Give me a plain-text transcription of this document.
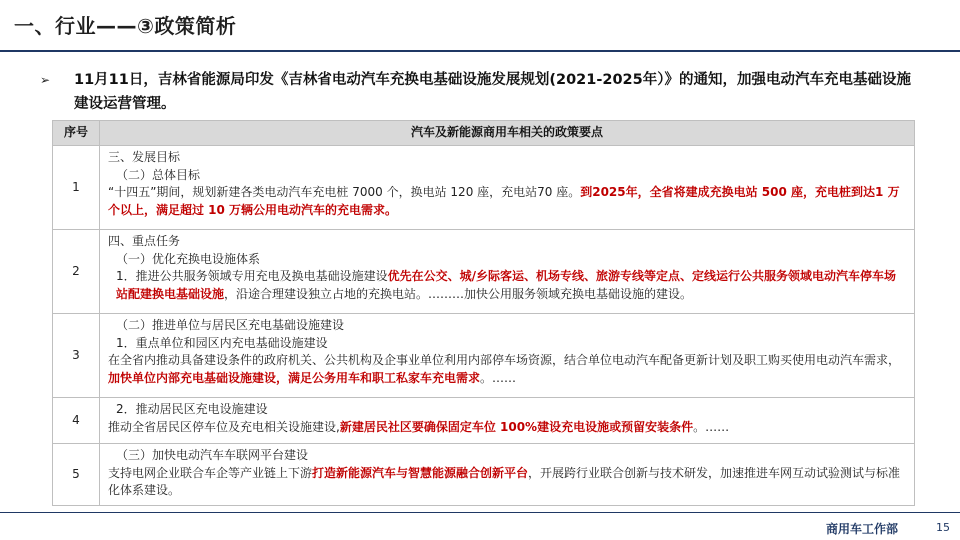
一、行业——③政策简析
➢ 11月11日，吉林省能源局印发《吉林省电动汽车充换电基础设施发展规划(2021-2025年）》的通知，加强电动汽车充电基础设施建设运营管理。
序号	汽车及新能源商用车相关的政策要点
1	三、发展目标
（二）总体目标
“十四五”期间，规划新建各类电动汽车充电桩 7000 个，换电站 120 座，充电站70 座。到2025年，全省将建成充换电站 500 座，充电桩到达1 万个以上，满足超过 10 万辆公用电动汽车的充电需求。

2	四、重点任务
（一）优化充换电设施体系
1．推进公共服务领域专用充电及换电基础设施建设优先在公交、城/乡际客运、机场专线、旅游专线等定点、定线运行公共服务领域电动汽车停车场站配建换电基础设施，沿途合理建设独立占地的充换电站。………加快公用服务领域充换电基础设施的建设。

3	（二）推进单位与居民区充电基础设施建设
1．重点单位和园区内充电基础设施建设
在全省内推动具备建设条件的政府机关、公共机构及企事业单位利用内部停车场资源，结合单位电动汽车配备更新计划及职工购买使用电动汽车需求，加快单位内部充电基础设施建设，满足公务用车和职工私家车充电需求。……

4	2．推动居民区充电设施建设
推动全省居民区停车位及充电相关设施建设,新建居民社区要确保固定车位 100%建设充电设施或预留安装条件。……

5	（三）加快电动汽车车联网平台建设
支持电网企业联合车企等产业链上下游打造新能源汽车与智慧能源融合创新平台，开展跨行业联合创新与技术研发，加速推进车网互动试验测试与标准化体系建设。
商用车工作部	15
